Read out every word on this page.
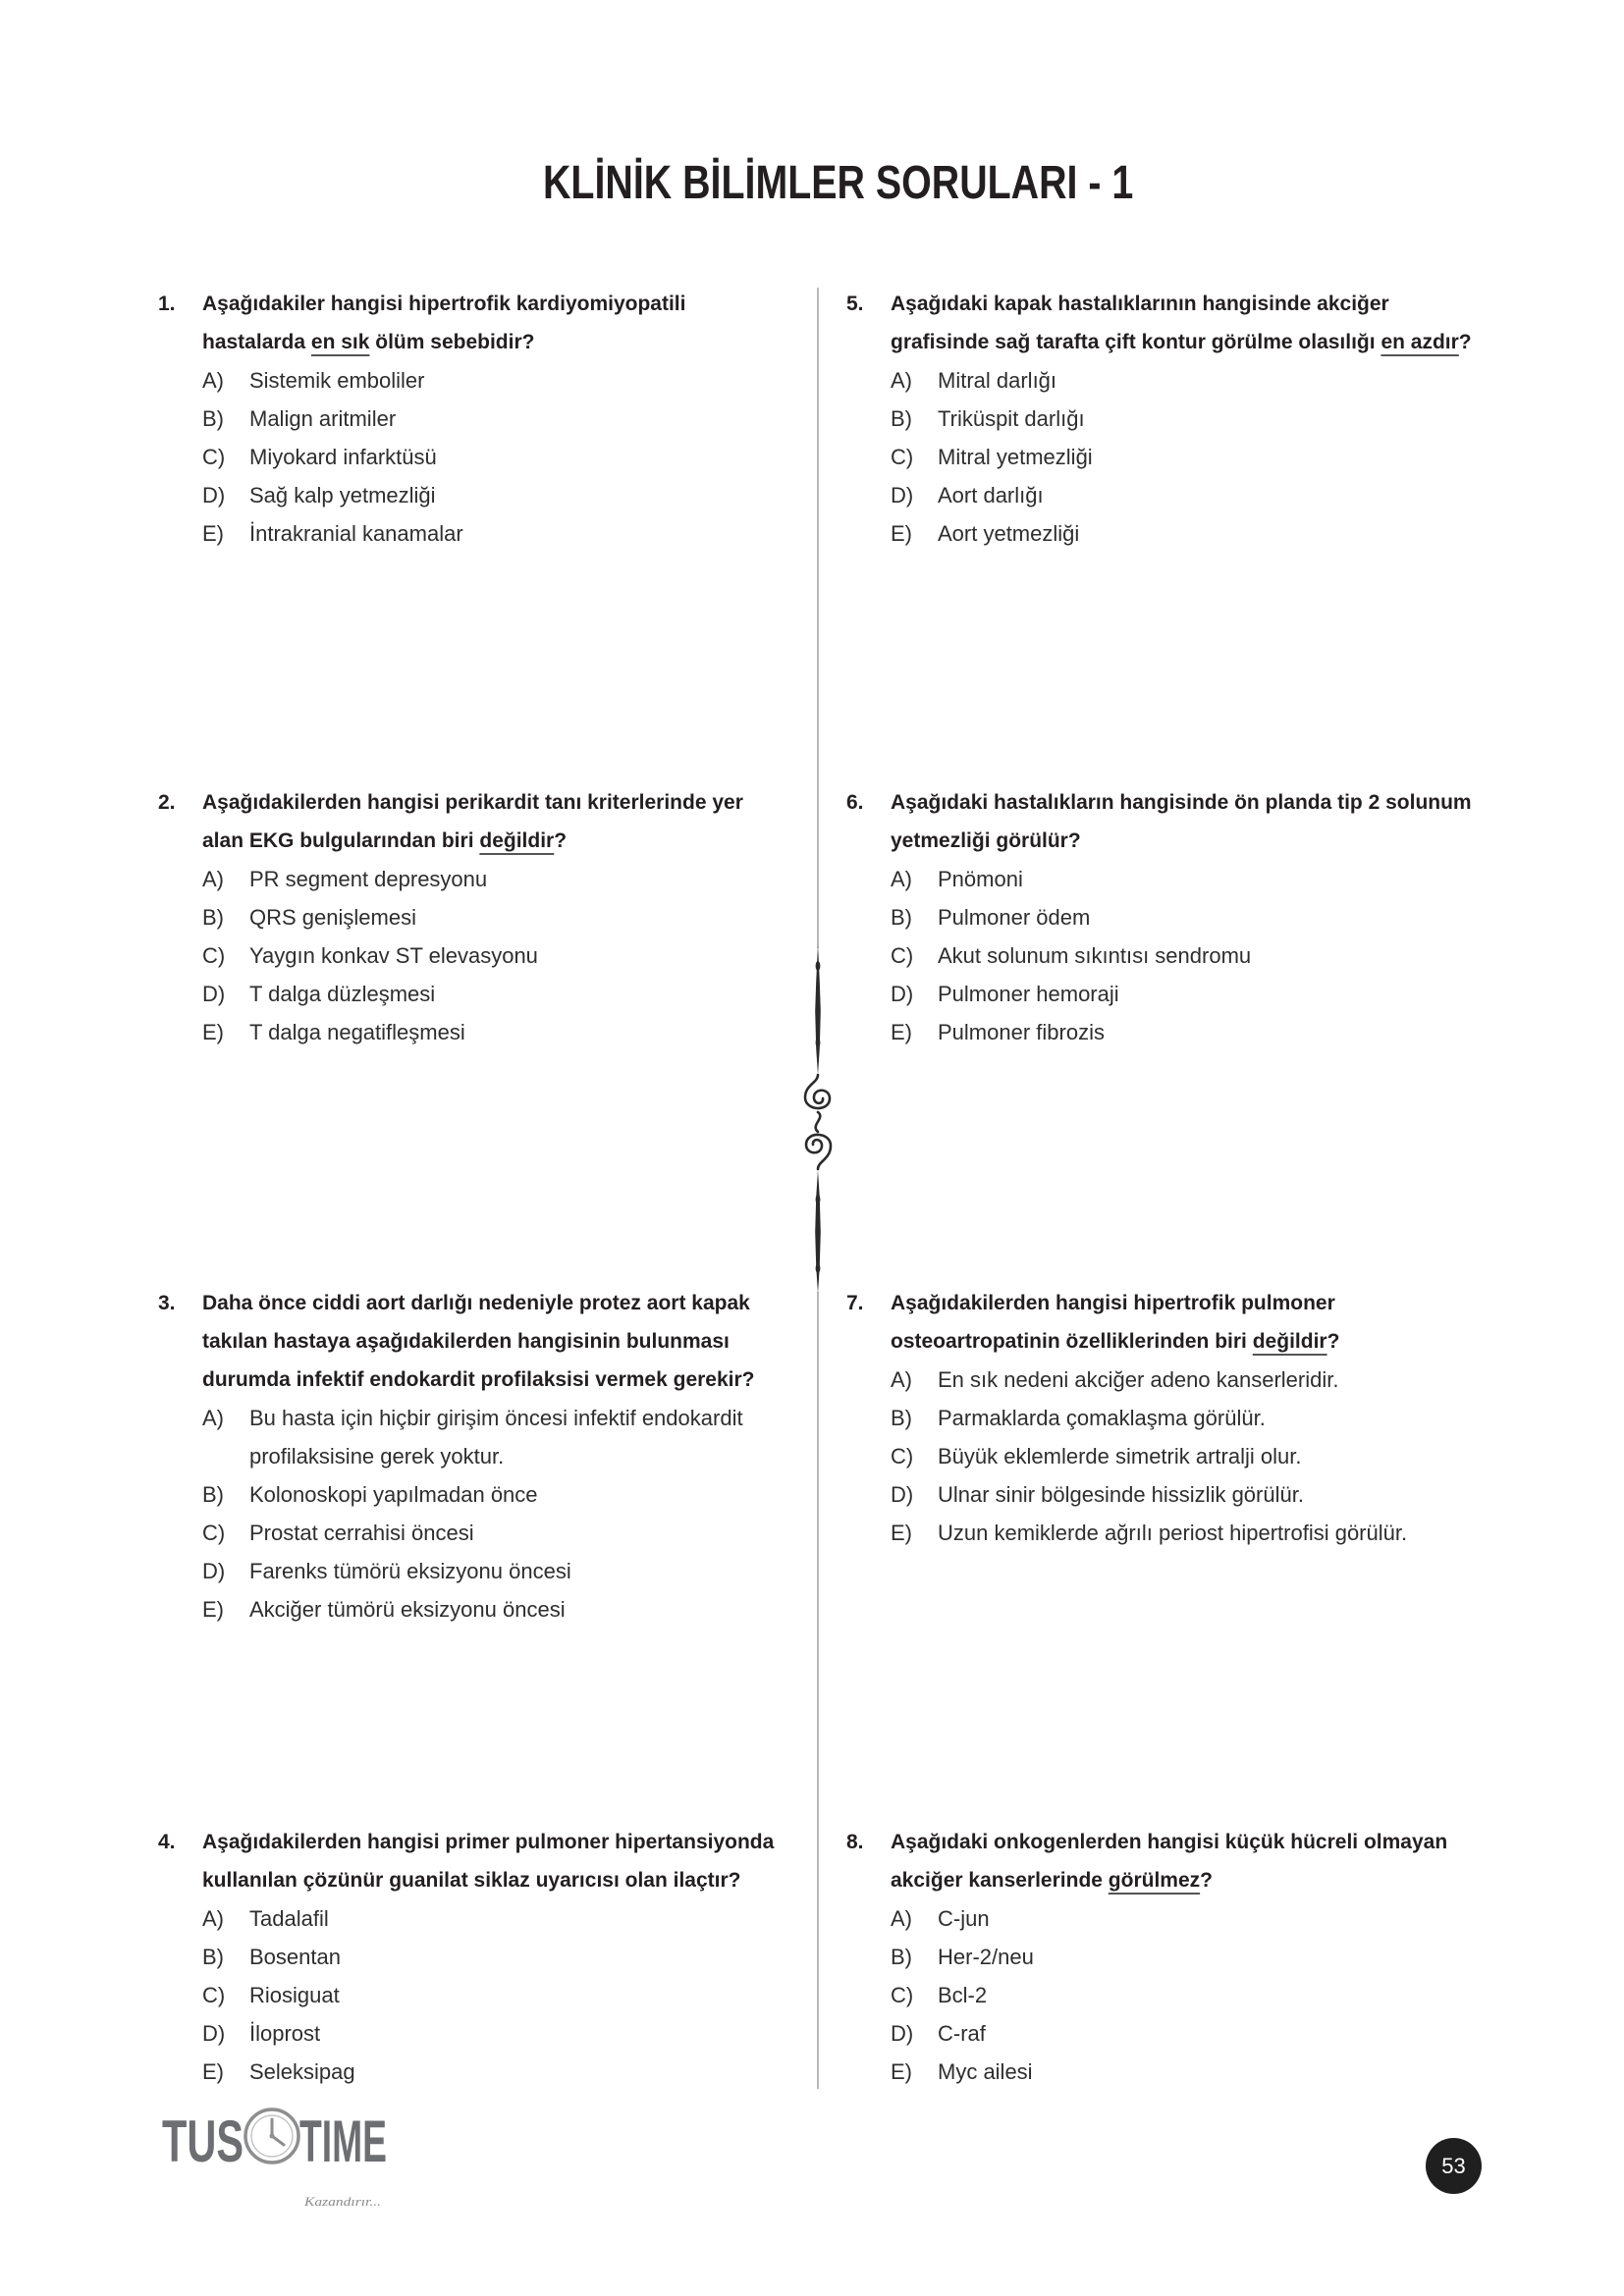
KLİNİK BİLİMLER SORULARI - 1
1. Aşağıdakiler hangisi hipertrofik kardiyomiyopatili
hastalarda en sık ölüm sebebidir?
A) Sistemik emboliler
B) Malign aritmiler
C) Miyokard infarktüsü
D) Sağ kalp yetmezliği
E) İntrakranial kanamalar
2. Aşağıdakilerden hangisi perikardit tanı kriterlerinde yer
alan EKG bulgularından biri değildir?
A) PR segment depresyonu
B) QRS genişlemesi
C) Yaygın konkav ST elevasyonu
D) T dalga düzleşmesi
E) T dalga negatifleşmesi
3. Daha önce ciddi aort darlığı nedeniyle protez aort kapak
takılan hastaya aşağıdakilerden hangisinin bulunması
durumda infektif endokardit profilaksisi vermek gerekir?
A) Bu hasta için hiçbir girişim öncesi infektif endokardit
profilaksisine gerek yoktur.
B) Kolonoskopi yapılmadan önce
C) Prostat cerrahisi öncesi
D) Farenks tümörü eksizyonu öncesi
E) Akciğer tümörü eksizyonu öncesi
4. Aşağıdakilerden hangisi primer pulmoner hipertansiyonda
kullanılan çözünür guanilat siklaz uyarıcısı olan ilaçtır?
A) Tadalafil
B) Bosentan
C) Riosiguat
D) İloprost
E) Seleksipag
5. Aşağıdaki kapak hastalıklarının hangisinde akciğer
grafisinde sağ tarafta çift kontur görülme olasılığı en azdır?
A) Mitral darlığı
B) Triküspit darlığı
C) Mitral yetmezliği
D) Aort darlığı
E) Aort yetmezliği
6. Aşağıdaki hastalıkların hangisinde ön planda tip 2 solunum
yetmezliği görülür?
A) Pnömoni
B) Pulmoner ödem
C) Akut solunum sıkıntısı sendromu
D) Pulmoner hemoraji
E) Pulmoner fibrozis
7. Aşağıdakilerden hangisi hipertrofik pulmoner
osteoartropatinin özelliklerinden biri değildir?
A) En sık nedeni akciğer adeno kanserleridir.
B) Parmaklarda çomaklaşma görülür.
C) Büyük eklemlerde simetrik artralji olur.
D) Ulnar sinir bölgesinde hissizlik görülür.
E) Uzun kemiklerde ağrılı periost hipertrofisi görülür.
8. Aşağıdaki onkogenlerden hangisi küçük hücreli olmayan
akciğer kanserlerinde görülmez?
A) C-jun
B) Her-2/neu
C) Bcl-2
D) C-raf
E) Myc ailesi
53
TUS TIME
Kazandırır...
